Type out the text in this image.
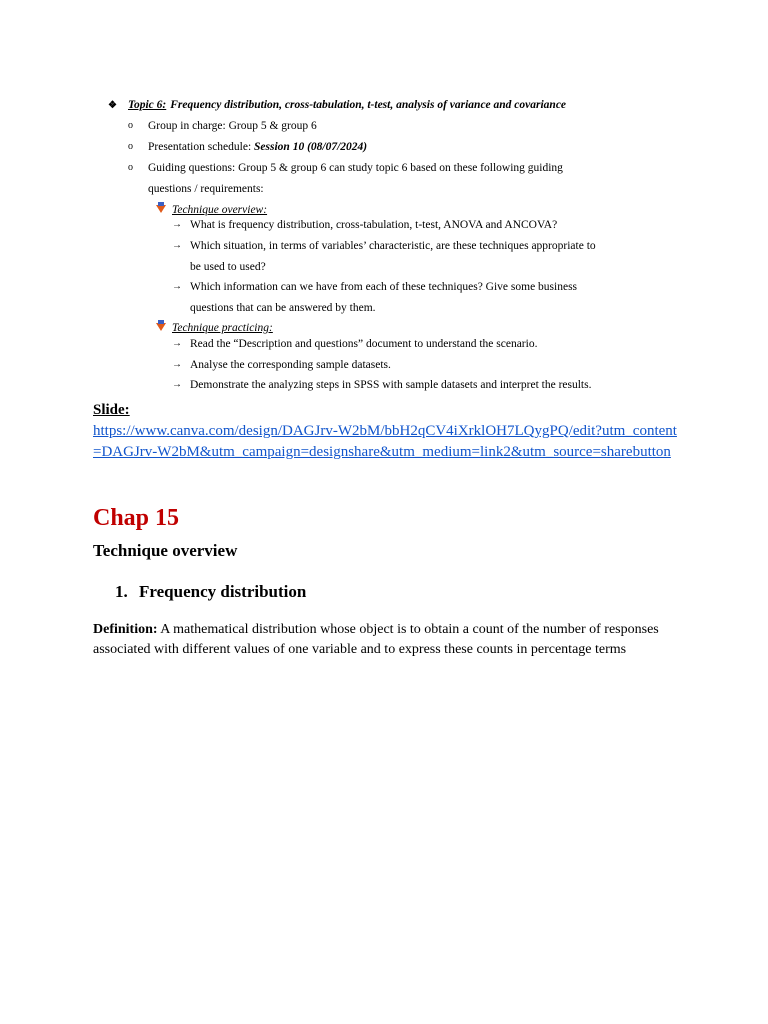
❖ Topic 6: Frequency distribution, cross-tabulation, t-test, analysis of variance and covariance
o
Group in charge: Group 5 & group 6
o
Presentation schedule: Session 10 (08/07/2024)
o
Guiding questions: Group 5 & group 6 can study topic 6 based on these following guiding
questions / requirements:
Technique overview:
→ What is frequency distribution, cross-tabulation, t-test, ANOVA and ANCOVA?
→ Which situation, in terms of variables’ characteristic, are these techniques appropriate to
be used to used?
→ Which information can we have from each of these techniques? Give some business
questions that can be answered by them.
Technique practicing:
→ Read the “Description and questions” document to understand the scenario.
→ Analyse the corresponding sample datasets.
→ Demonstrate the analyzing steps in SPSS with sample datasets and interpret the results.
Slide:
https://www.canva.com/design/DAGJrv-W2bM/bbH2qCV4iXrklOH7LQygPQ/edit?utm_content=DAGJrv-W2bM&utm_campaign=designshare&utm_medium=link2&utm_source=sharebutton
Chap 15
Technique overview
1. Frequency distribution
Definition: A mathematical distribution whose object is to obtain a count of the number of responses associated with different values of one variable and to express these counts in percentage terms
